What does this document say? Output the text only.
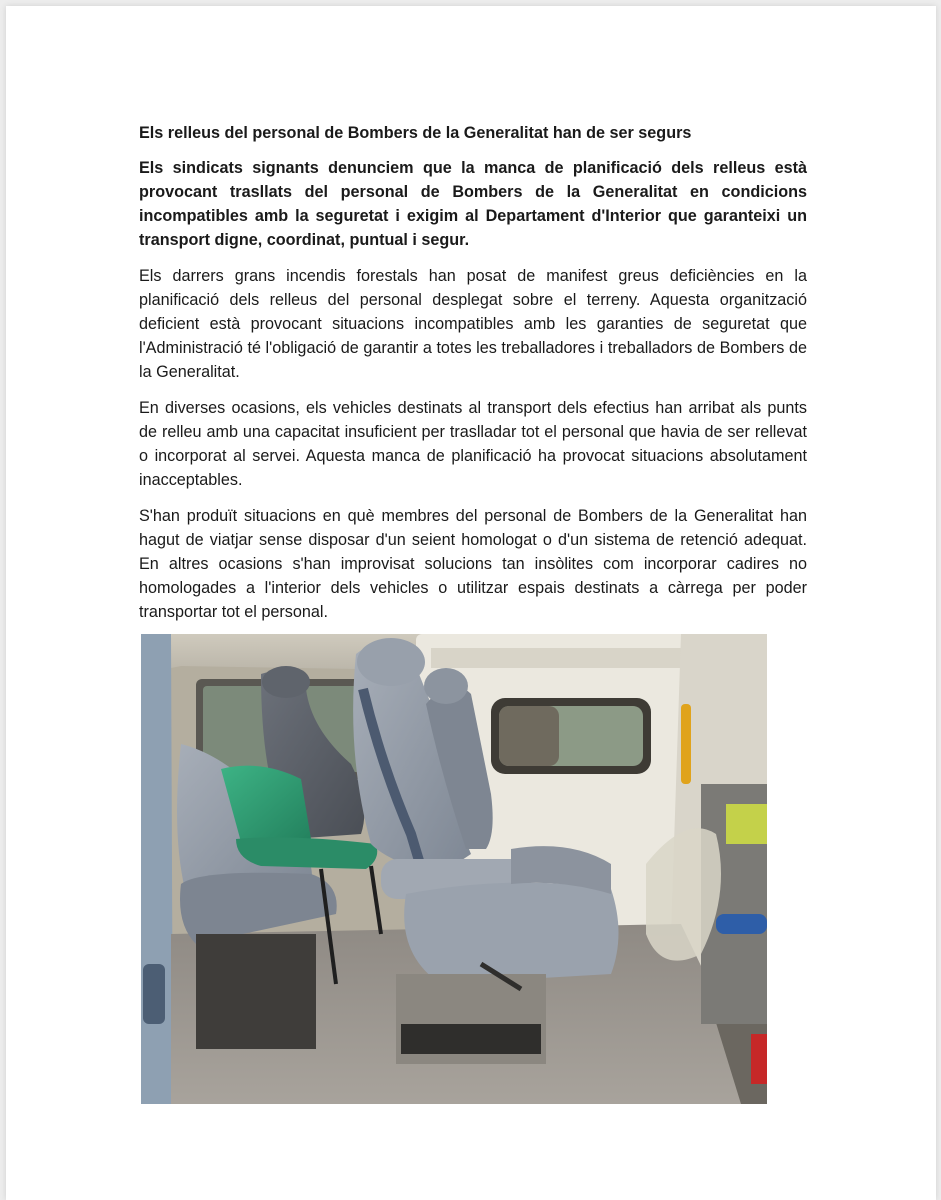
Els relleus del personal de Bombers de la Generalitat han de ser segurs

Els sindicats signants denunciem que la manca de planificació dels relleus està provocant trasllats del personal de Bombers de la Generalitat en condicions incompatibles amb la seguretat i exigim al Departament d'Interior que garanteixi un transport digne, coordinat, puntual i segur.

Els darrers grans incendis forestals han posat de manifest greus deficiències en la planificació dels relleus del personal desplegat sobre el terreny. Aquesta organització deficient està provocant situacions incompatibles amb les garanties de seguretat que l'Administració té l'obligació de garantir a totes les treballadores i treballadors de Bombers de la Generalitat.

En diverses ocasions, els vehicles destinats al transport dels efectius han arribat als punts de relleu amb una capacitat insuficient per traslladar tot el personal que havia de ser rellevat o incorporat al servei. Aquesta manca de planificació ha provocat situacions absolutament inacceptables.

S'han produït situacions en què membres del personal de Bombers de la Generalitat han hagut de viatjar sense disposar d'un seient homologat o d'un sistema de retenció adequat. En altres ocasions s'han improvisat solucions tan insòlites com incorporar cadires no homologades a l'interior dels vehicles o utilitzar espais destinats a càrrega per poder transportar tot el personal.
